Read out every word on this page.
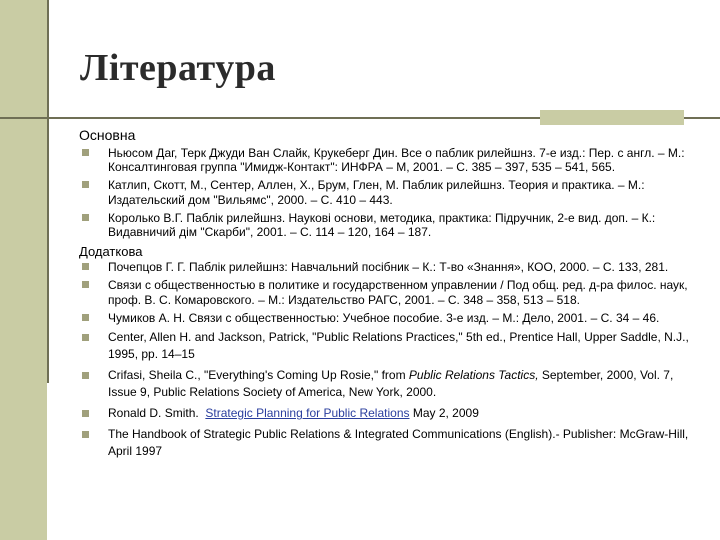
Література
Основна
Ньюсом Даг, Терк Джуди Ван Слайк, Крукеберг Дин. Все о паблик рилейшнз. 7-е изд.: Пер. с англ. – М.: Консалтинговая группа "Имидж-Контакт": ИНФРА – М, 2001. – С. 385 – 397, 535 – 541, 565.
Катлип, Скотт, М., Сентер, Аллен, Х., Брум, Глен, М. Паблик рилейшнз. Теория и практика. – М.: Издательский дом "Вильямс", 2000. – С. 410 – 443.
Королько В.Г. Паблік рилейшнз. Наукові основи, методика, практика: Підручник, 2-е вид. доп. – К.: Видавничий дім "Скарби", 2001. – С. 114 – 120, 164 – 187.
Додаткова
Почепцов Г. Г. Паблік рилейшнз: Навчальний посібник – К.: Т-во «Знання», КОО, 2000. – С. 133, 281.
Связи с общественностью в политике и государственном управлении / Под общ. ред. д-ра филос. наук, проф. В. С. Комаровского. – М.: Издательство РАГС, 2001. – С. 348 – 358, 513 – 518.
Чумиков А. Н. Связи с общественностью: Учебное пособие. 3-е изд. – М.: Дело, 2001. – С. 34 – 46.
Center, Allen H. and Jackson, Patrick, "Public Relations Practices," 5th ed., Prentice Hall, Upper Saddle, N.J., 1995, pp. 14–15
Crifasi, Sheila C., "Everything's Coming Up Rosie," from Public Relations Tactics, September, 2000, Vol. 7, Issue 9, Public Relations Society of America, New York, 2000.
Ronald D. Smith.  Strategic Planning for Public Relations May 2, 2009
The Handbook of Strategic Public Relations & Integrated Communications (English).- Publisher: McGraw-Hill, April 1997
